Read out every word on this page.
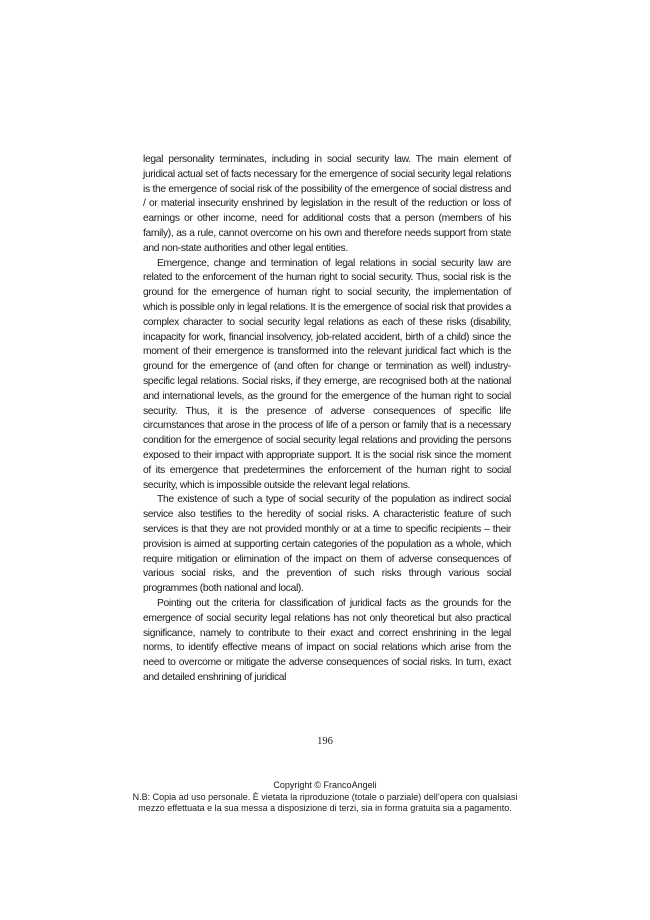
legal personality terminates, including in social security law. The main element of juridical actual set of facts necessary for the emergence of social security legal relations is the emergence of social risk of the possibility of the emergence of social distress and / or material insecurity enshrined by legislation in the result of the reduction or loss of earnings or other income, need for additional costs that a person (members of his family), as a rule, cannot overcome on his own and therefore needs support from state and non-state authorities and other legal entities.

Emergence, change and termination of legal relations in social security law are related to the enforcement of the human right to social security. Thus, social risk is the ground for the emergence of human right to social security, the implementation of which is possible only in legal relations. It is the emergence of social risk that provides a complex character to social security legal relations as each of these risks (disability, incapacity for work, financial insolvency, job-related accident, birth of a child) since the moment of their emergence is transformed into the relevant juridical fact which is the ground for the emergence of (and often for change or termination as well) industry-specific legal relations. Social risks, if they emerge, are recognised both at the national and international levels, as the ground for the emergence of the human right to social security. Thus, it is the presence of adverse consequences of specific life circumstances that arose in the process of life of a person or family that is a necessary condition for the emergence of social security legal relations and providing the persons exposed to their impact with appropriate support. It is the social risk since the moment of its emergence that predetermines the enforcement of the human right to social security, which is impossible outside the relevant legal relations.

The existence of such a type of social security of the population as indirect social service also testifies to the heredity of social risks. A characteristic feature of such services is that they are not provided monthly or at a time to specific recipients – their provision is aimed at supporting certain categories of the population as a whole, which require mitigation or elimination of the impact on them of adverse consequences of various social risks, and the prevention of such risks through various social programmes (both national and local).

Pointing out the criteria for classification of juridical facts as the grounds for the emergence of social security legal relations has not only theoretical but also practical significance, namely to contribute to their exact and correct enshrining in the legal norms, to identify effective means of impact on social relations which arise from the need to overcome or mitigate the adverse consequences of social risks. In turn, exact and detailed enshrining of juridical

196
Copyright © FrancoAngeli
N.B: Copia ad uso personale. È vietata la riproduzione (totale o parziale) dell’opera con qualsiasi
mezzo effettuata e la sua messa a disposizione di terzi, sia in forma gratuita sia a pagamento.
